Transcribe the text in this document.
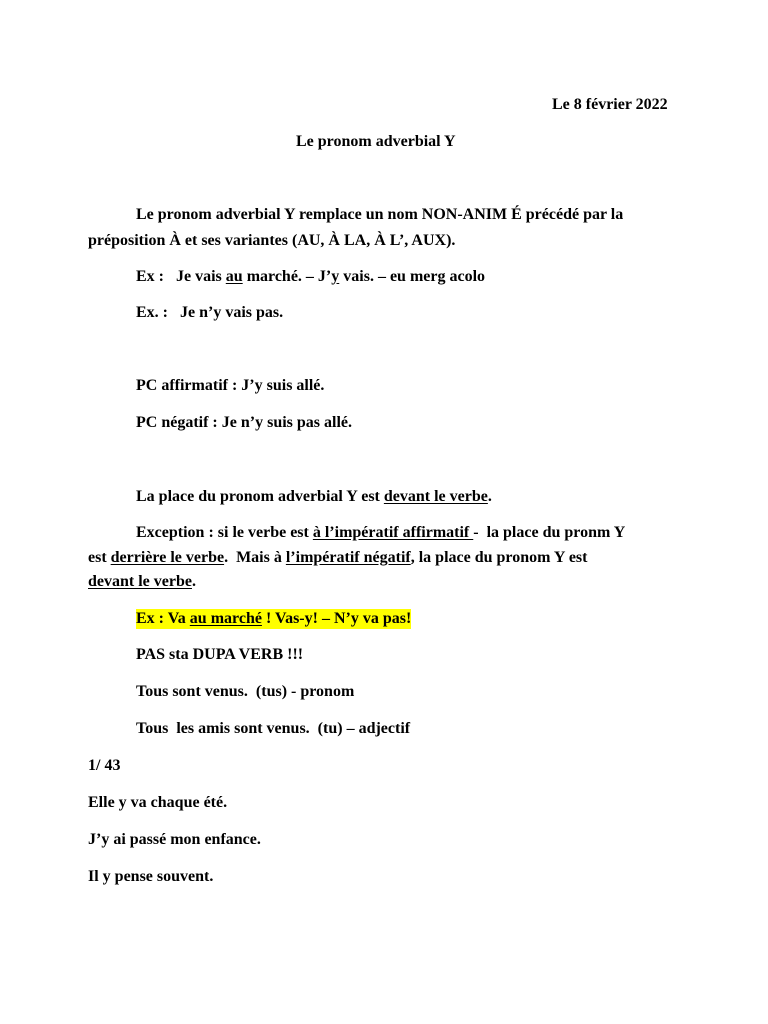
Le 8 février 2022
Le pronom adverbial Y
Le pronom adverbial Y remplace un nom NON-ANIM É précédé par la
préposition À et ses variantes (AU, À LA, À L’, AUX).
Ex :   Je vais au marché. – J’y vais. – eu merg acolo
Ex. :   Je n’y vais pas.
PC affirmatif : J’y suis allé.
PC négatif : Je n’y suis pas allé.
La place du pronom adverbial Y est devant le verbe.
Exception : si le verbe est à l’impératif affirmatif -  la place du pronm Y
est derrière le verbe.  Mais à l’impératif négatif, la place du pronom Y est
devant le verbe.
Ex : Va au marché ! Vas-y! – N’y va pas!
PAS sta DUPA VERB !!!
Tous sont venus.  (tus) - pronom
Tous  les amis sont venus.  (tu) – adjectif
1/ 43
Elle y va chaque été.
J’y ai passé mon enfance.
Il y pense souvent.
